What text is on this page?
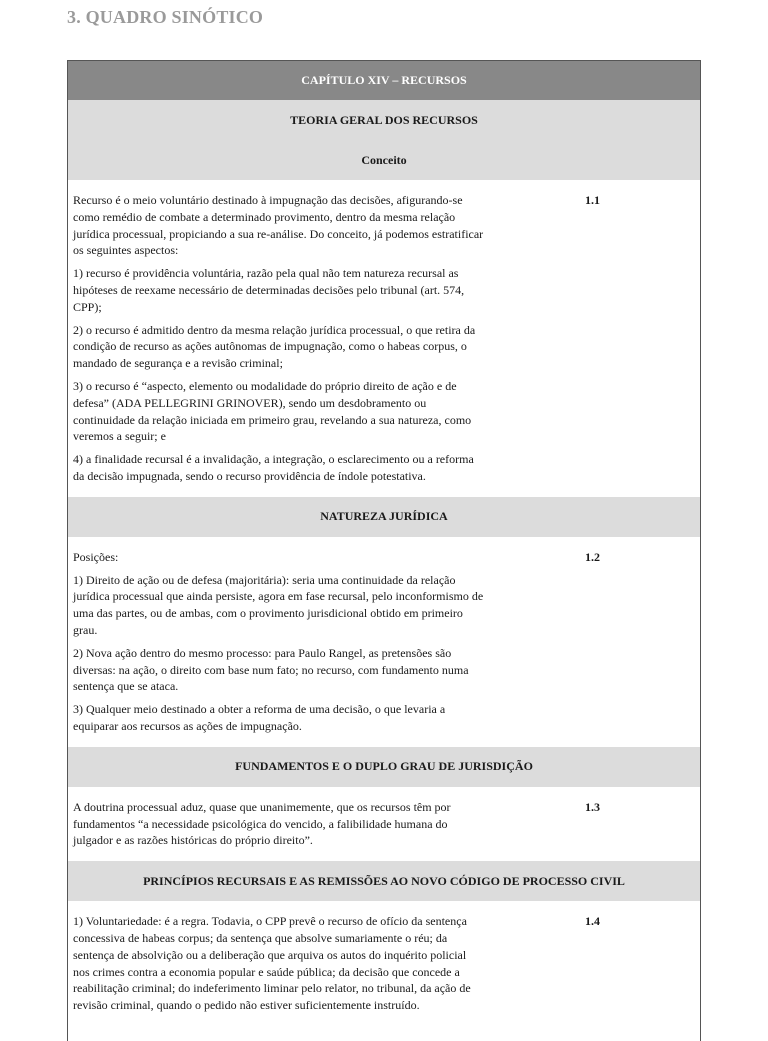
3. QUADRO SINÓTICO
CAPÍTULO XIV – RECURSOS
TEORIA GERAL DOS RECURSOS
Conceito

Recurso é o meio voluntário destinado à impugnação das decisões, afigurando-se como remédio de combate a determinado provimento, dentro da mesma relação jurídica processual, propiciando a sua re-análise. Do conceito, já podemos estratificar os seguintes aspectos:

1) recurso é providência voluntária, razão pela qual não tem natureza recursal as hipóteses de reexame necessário de determinadas decisões pelo tribunal (art. 574, CPP);

2) o recurso é admitido dentro da mesma relação jurídica processual, o que retira da condição de recurso as ações autônomas de impugnação, como o habeas corpus, o mandado de segurança e a revisão criminal;

3) o recurso é “aspecto, elemento ou modalidade do próprio direito de ação e de defesa” (ADA PELLEGRINI GRINOVER), sendo um desdobramento ou continuidade da relação iniciada em primeiro grau, revelando a sua natureza, como veremos a seguir; e

4) a finalidade recursal é a invalidação, a integração, o esclarecimento ou a reforma da decisão impugnada, sendo o recurso providência de índole potestativa.

1.1
NATUREZA JURÍDICA

Posições:

1) Direito de ação ou de defesa (majoritária): seria uma continuidade da relação jurídica processual que ainda persiste, agora em fase recursal, pelo inconformismo de uma das partes, ou de ambas, com o provimento jurisdicional obtido em primeiro grau.

2) Nova ação dentro do mesmo processo: para Paulo Rangel, as pretensões são diversas: na ação, o direito com base num fato; no recurso, com fundamento numa sentença que se ataca.

3) Qualquer meio destinado a obter a reforma de uma decisão, o que levaria a equiparar aos recursos as ações de impugnação.

1.2
FUNDAMENTOS E O DUPLO GRAU DE JURISDIÇÃO

A doutrina processual aduz, quase que unanimemente, que os recursos têm por fundamentos “a necessidade psicológica do vencido, a falibilidade humana do julgador e as razões históricas do próprio direito”.

1.3
PRINCÍPIOS RECURSAIS E AS REMISSÕES AO NOVO CÓDIGO DE PROCESSO CIVIL

1) Voluntariedade: é a regra. Todavia, o CPP prevê o recurso de ofício da sentença concessiva de habeas corpus; da sentença que absolve sumariamente o réu; da sentença de absolvição ou a deliberação que arquiva os autos do inquérito policial nos crimes contra a economia popular e saúde pública; da decisão que concede a reabilitação criminal; do indeferimento liminar pelo relator, no tribunal, da ação de revisão criminal, quando o pedido não estiver suficientemente instruído.

1.4
